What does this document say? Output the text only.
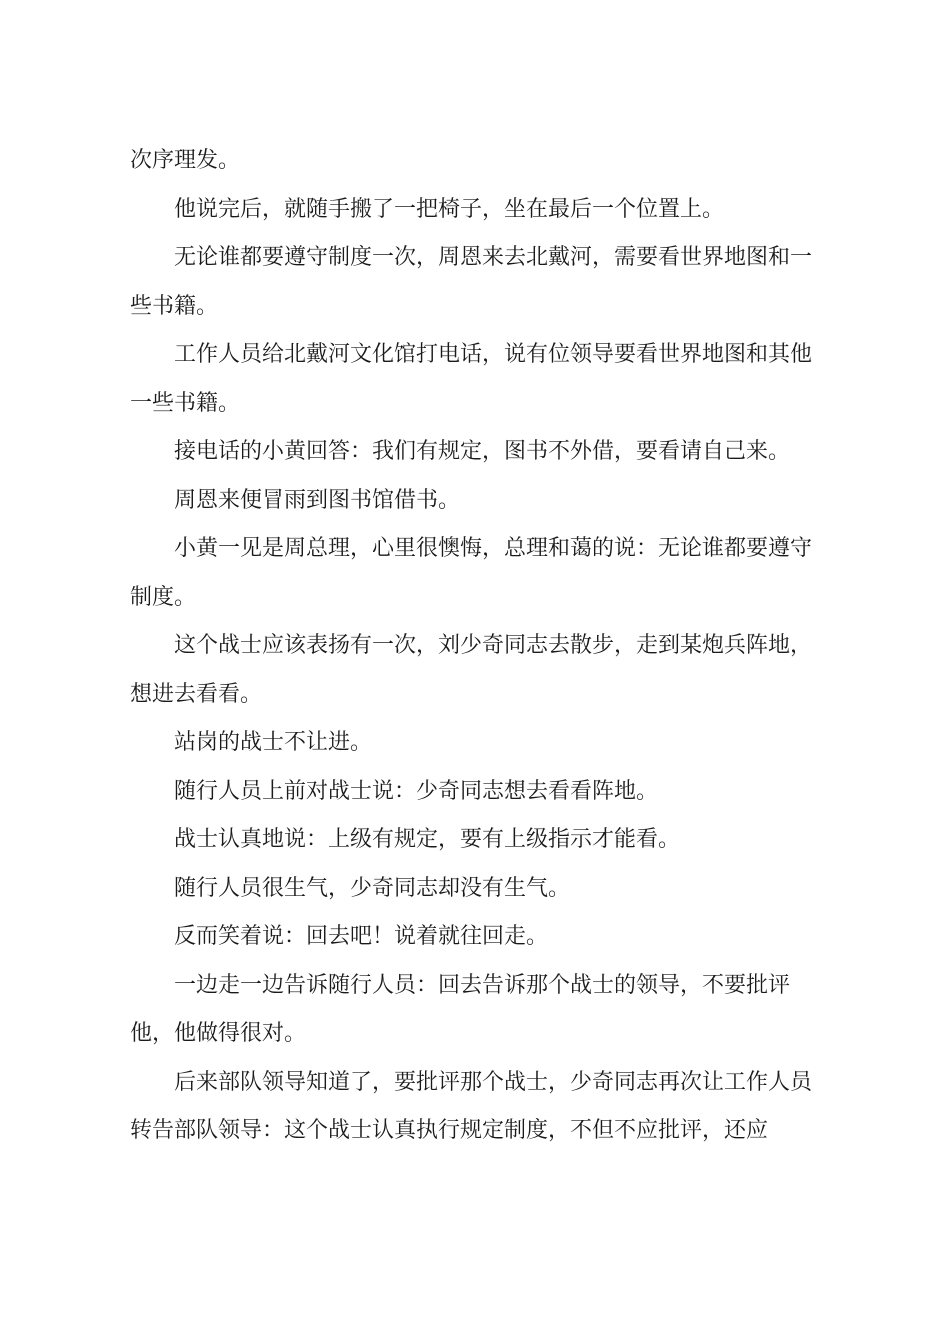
次序理发。

他说完后，就随手搬了一把椅子，坐在最后一个位置上。

无论谁都要遵守制度一次，周恩来去北戴河，需要看世界地图和一些书籍。

工作人员给北戴河文化馆打电话，说有位领导要看世界地图和其他一些书籍。

接电话的小黄回答：我们有规定，图书不外借，要看请自己来。

周恩来便冒雨到图书馆借书。

小黄一见是周总理，心里很懊悔，总理和蔼的说：无论谁都要遵守制度。

这个战士应该表扬有一次，刘少奇同志去散步，走到某炮兵阵地，想进去看看。

站岗的战士不让进。

随行人员上前对战士说：少奇同志想去看看阵地。

战士认真地说：上级有规定，要有上级指示才能看。

随行人员很生气，少奇同志却没有生气。

反而笑着说：回去吧！说着就往回走。

一边走一边告诉随行人员：回去告诉那个战士的领导，不要批评他，他做得很对。

后来部队领导知道了，要批评那个战士，少奇同志再次让工作人员转告部队领导：这个战士认真执行规定制度，不但不应批评，还应
